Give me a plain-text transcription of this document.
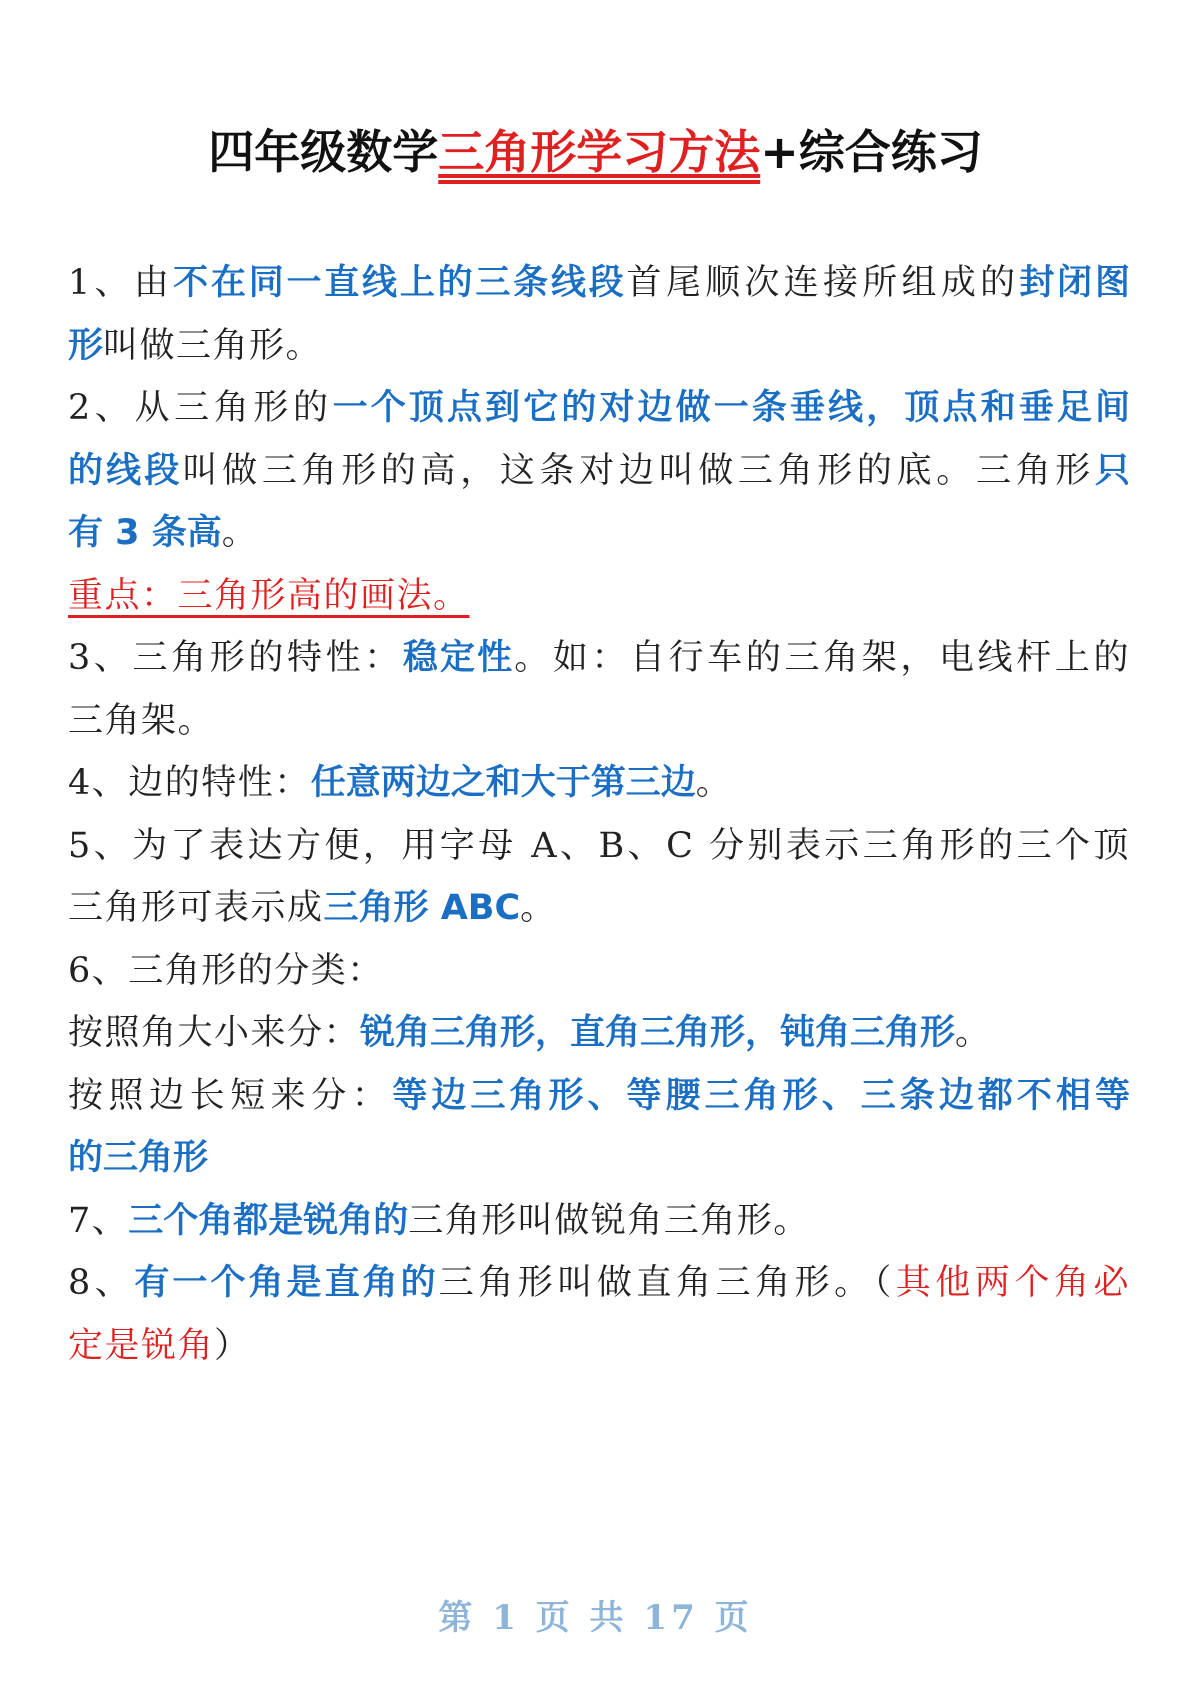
四年级数学三角形学习方法+综合练习
1、由不在同一直线上的三条线段首尾顺次连接所组成的封闭图
形叫做三角形。
2、从三角形的一个顶点到它的对边做一条垂线，顶点和垂足间
的线段叫做三角形的高，这条对边叫做三角形的底。三角形只
有 3 条高。
重点：三角形高的画法。
3、三角形的特性：稳定性。如：自行车的三角架，电线杆上的
三角架。
4、边的特性：任意两边之和大于第三边。
5、为了表达方便，用字母 A、B、C 分别表示三角形的三个顶
三角形可表示成三角形 ABC。
6、三角形的分类：
按照角大小来分：锐角三角形，直角三角形，钝角三角形。
按照边长短来分：等边三角形、等腰三角形、三条边都不相等
的三角形
7、三个角都是锐角的三角形叫做锐角三角形。
8、有一个角是直角的三角形叫做直角三角形。（其他两个角必
定是锐角）
第 1 页 共 17 页
